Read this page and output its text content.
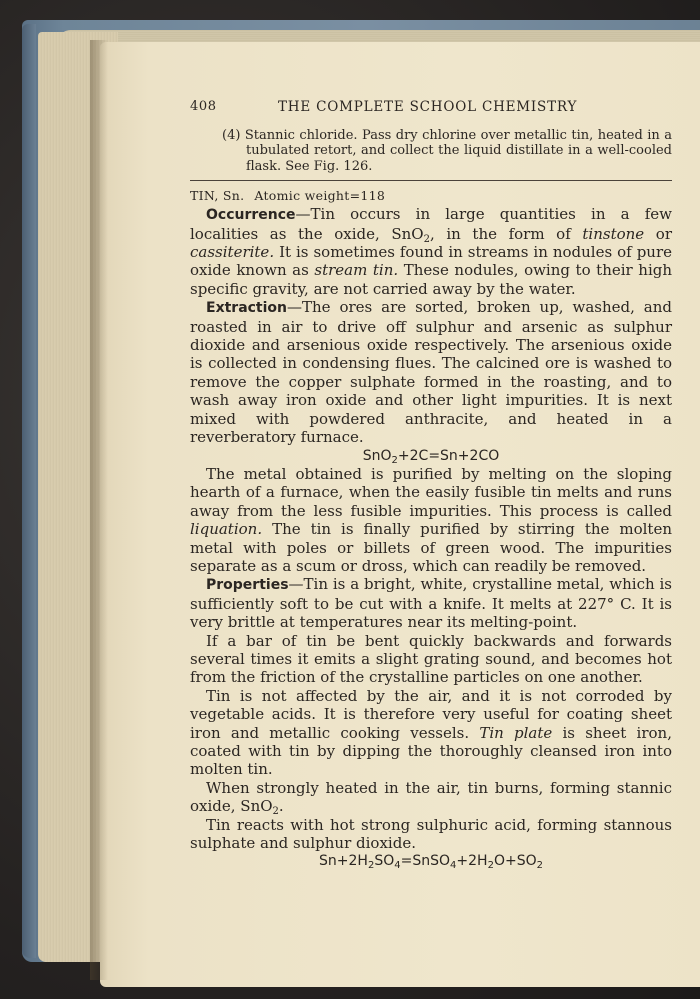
408	THE COMPLETE SCHOOL CHEMISTRY
(4) Stannic chloride. Pass dry chlorine over metallic tin, heated in a tubulated retort, and collect the liquid distillate in a well-cooled flask. See Fig. 126.
TIN, Sn. Atomic weight=118

Occurrence—Tin occurs in large quantities in a few localities as the oxide, SnO$_2$, in the form of tinstone or cassiterite. It is sometimes found in streams in nodules of pure oxide known as stream tin. These nodules, owing to their high specific gravity, are not carried away by the water.

Extraction—The ores are sorted, broken up, washed, and roasted in air to drive off sulphur and arsenic as sulphur dioxide and arsenious oxide respectively. The arsenious oxide is collected in condensing flues. The calcined ore is washed to remove the copper sulphate formed in the roasting, and to wash away iron oxide and other light impurities. It is next mixed with powdered anthracite, and heated in a reverberatory furnace.

SnO$_2$+2C=Sn+2CO

The metal obtained is purified by melting on the sloping hearth of a furnace, when the easily fusible tin melts and runs away from the less fusible impurities. This process is called liquation. The tin is finally purified by stirring the molten metal with poles or billets of green wood. The impurities separate as a scum or dross, which can readily be removed.

Properties—Tin is a bright, white, crystalline metal, which is sufficiently soft to be cut with a knife. It melts at 227° C. It is very brittle at temperatures near its melting-point.

If a bar of tin be bent quickly backwards and forwards several times it emits a slight grating sound, and becomes hot from the friction of the crystalline particles on one another.

Tin is not affected by the air, and it is not corroded by vegetable acids. It is therefore very useful for coating sheet iron and metallic cooking vessels. Tin plate is sheet iron, coated with tin by dipping the thoroughly cleansed iron into molten tin.

When strongly heated in the air, tin burns, forming stannic oxide, SnO$_2$.

Tin reacts with hot strong sulphuric acid, forming stannous sulphate and sulphur dioxide.

$Sn+2H_2SO_4=SnSO_4+2H_2O+SO_2$
